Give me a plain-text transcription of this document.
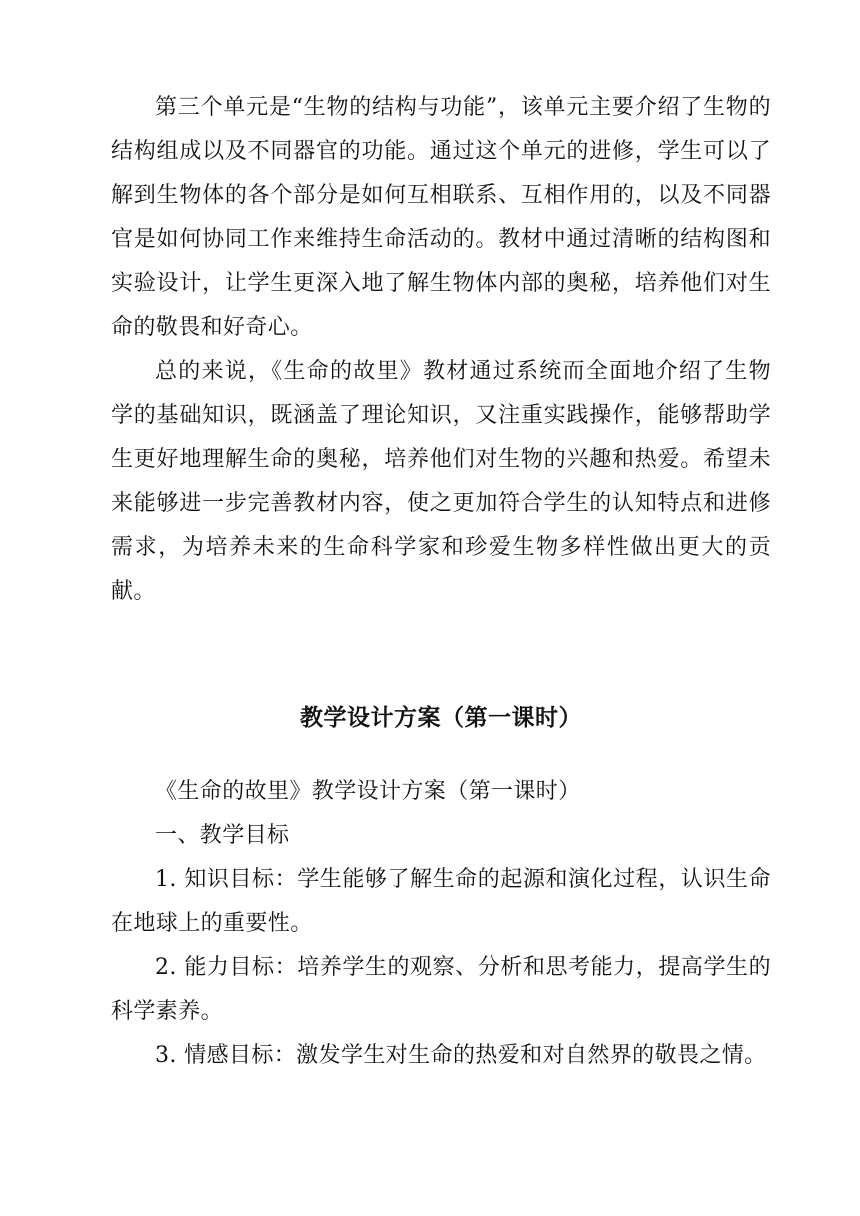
第三个单元是“生物的结构与功能”，该单元主要介绍了生物的结构组成以及不同器官的功能。通过这个单元的进修，学生可以了解到生物体的各个部分是如何互相联系、互相作用的，以及不同器官是如何协同工作来维持生命活动的。教材中通过清晰的结构图和实验设计，让学生更深入地了解生物体内部的奥秘，培养他们对生命的敬畏和好奇心。

总的来说，《生命的故里》教材通过系统而全面地介绍了生物学的基础知识，既涵盖了理论知识，又注重实践操作，能够帮助学生更好地理解生命的奥秘，培养他们对生物的兴趣和热爱。希望未来能够进一步完善教材内容，使之更加符合学生的认知特点和进修需求，为培养未来的生命科学家和珍爱生物多样性做出更大的贡献。

教学设计方案（第一课时）

《生命的故里》教学设计方案（第一课时）

一、教学目标

1. 知识目标：学生能够了解生命的起源和演化过程，认识生命在地球上的重要性。

2. 能力目标：培养学生的观察、分析和思考能力，提高学生的科学素养。

3. 情感目标：激发学生对生命的热爱和对自然界的敬畏之情。
